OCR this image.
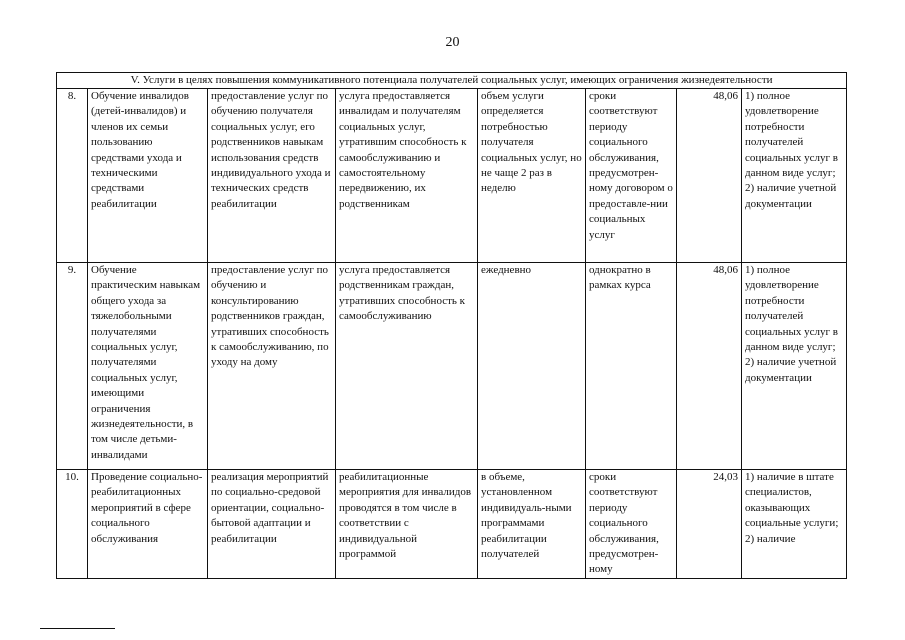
20
V. Услуги в целях повышения коммуникативного потенциала получателей социальных услуг, имеющих ограничения жизнедеятельности							
8.	Обучение инвалидов (детей-инвалидов) и членов их семьи пользованию средствами ухода и техническими средствами реабилитации	предоставление услуг по обучению получателя социальных услуг, его родственников навыкам использования средств индивидуального ухода и технических средств реабилитации	услуга предоставляется инвалидам и получателям социальных услуг, утратившим способность к самообслуживанию и самостоятельному передвижению, их родственникам	объем услуги определяется потребностью получателя социальных услуг, но не чаще 2 раз в неделю	сроки соответствуют периоду социального обслуживания, предусмотрен-ному договором о предоставле-нии социальных услуг	48,06	1) полное удовлетворение потребности получателей социальных услуг в данном виде услуг; 2) наличие учетной документации
9.	Обучение практическим навыкам общего ухода за тяжелобольными получателями социальных услуг, получателями социальных услуг, имеющими ограничения жизнедеятельности, в том числе детьми-инвалидами	предоставление услуг по обучению и консультированию родственников граждан, утративших способность к самообслуживанию, по уходу на дому	услуга предоставляется родственникам граждан, утративших способность к самообслуживанию	ежедневно	однократно в рамках курса	48,06	1) полное удовлетворение потребности получателей социальных услуг в данном виде услуг; 2) наличие учетной документации
10.	Проведение социально-реабилитационных мероприятий в сфере социального обслуживания	реализация мероприятий по социально-средовой ориентации, социально-бытовой адаптации и реабилитации	реабилитационные мероприятия для инвалидов проводятся в том числе в соответствии с индивидуальной программой	в объеме, установленном индивидуаль-ными программами реабилитации получателей	сроки соответствуют периоду социального обслуживания, предусмотрен-ному	24,03	1) наличие в штате специалистов, оказывающих социальные услуги; 2) наличие
